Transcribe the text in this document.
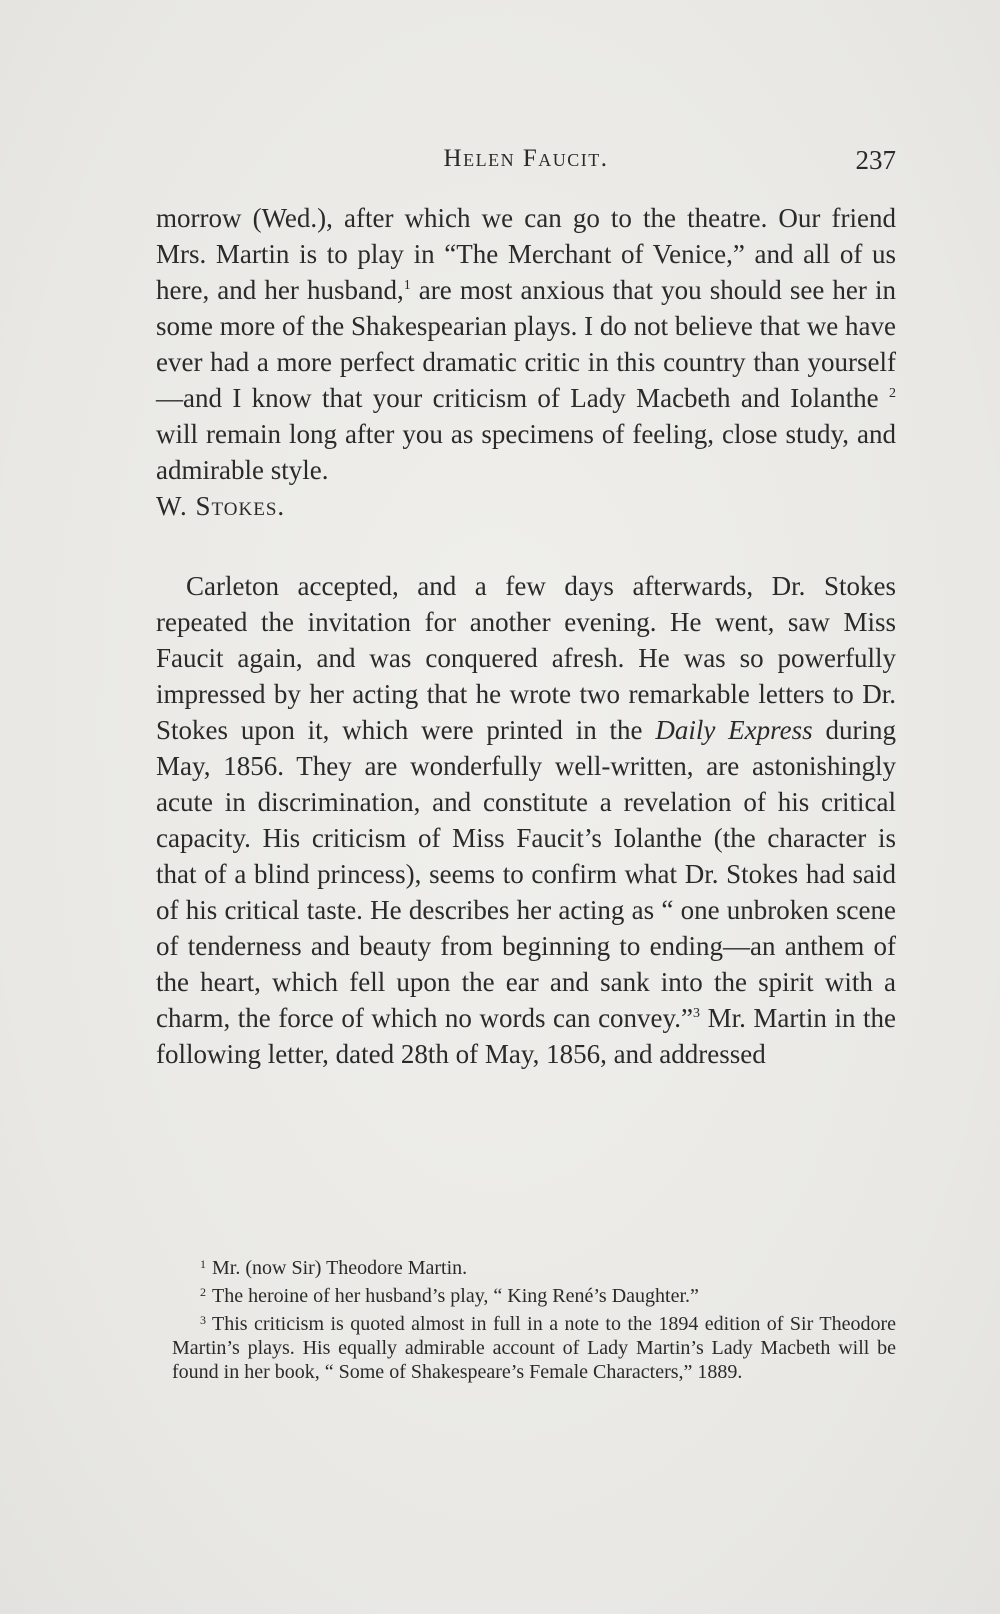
Helen Faucit.	237

morrow (Wed.), after which we can go to the theatre. Our friend Mrs. Martin is to play in “The Merchant of Venice,” and all of us here, and her husband,$^1$ are most anxious that you should see her in some more of the Shakespearian plays. I do not believe that we have ever had a more perfect dramatic critic in this country than yourself—and I know that your criticism of Lady Macbeth and Iolanthe $^2$ will remain long after you as specimens of feeling, close study, and admirable style.

W. Stokes.

Carleton accepted, and a few days afterwards, Dr. Stokes repeated the invitation for another evening. He went, saw Miss Faucit again, and was conquered afresh. He was so powerfully impressed by her acting that he wrote two remarkable letters to Dr. Stokes upon it, which were printed in the Daily Express during May, 1856. They are wonderfully well-written, are astonishingly acute in discrimination, and constitute a revelation of his critical capacity. His criticism of Miss Faucit’s Iolanthe (the character is that of a blind princess), seems to confirm what Dr. Stokes had said of his critical taste. He describes her acting as “ one unbroken scene of tenderness and beauty from beginning to ending—an anthem of the heart, which fell upon the ear and sank into the spirit with a charm, the force of which no words can convey.”$^3$ Mr. Martin in the following letter, dated 28th of May, 1856, and addressed

$^1$ Mr. (now Sir) Theodore Martin.

$^2$ The heroine of her husband’s play, “ King René’s Daughter.”

$^3$ This criticism is quoted almost in full in a note to the 1894 edition of Sir Theodore Martin’s plays. His equally admirable account of Lady Martin’s Lady Macbeth will be found in her book, “ Some of Shakespeare’s Female Characters,” 1889.
